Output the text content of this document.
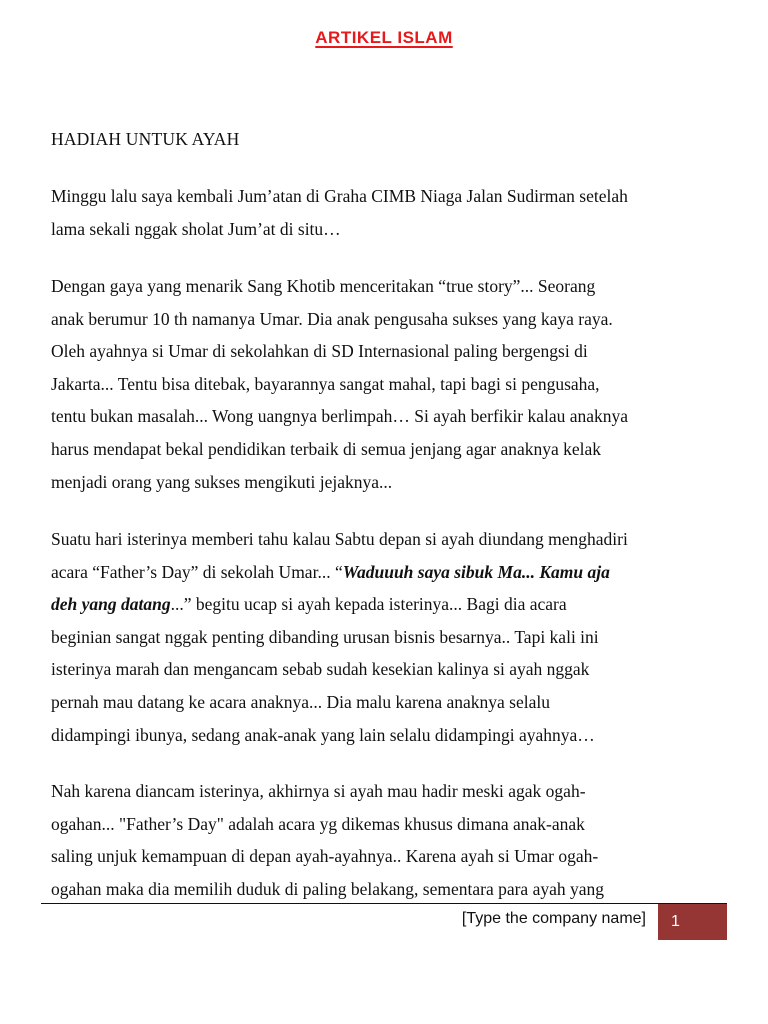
ARTIKEL ISLAM
HADIAH UNTUK AYAH

Minggu lalu saya kembali Jum’atan di Graha CIMB Niaga Jalan Sudirman setelah
lama sekali nggak sholat Jum’at di situ…

Dengan gaya yang menarik Sang Khotib menceritakan “true story”... Seorang
anak berumur 10 th namanya Umar. Dia anak pengusaha sukses yang kaya raya.
Oleh ayahnya si Umar di sekolahkan di SD Internasional paling bergengsi di
Jakarta... Tentu bisa ditebak, bayarannya sangat mahal, tapi bagi si pengusaha,
tentu bukan masalah... Wong uangnya berlimpah… Si ayah berfikir kalau anaknya
harus mendapat bekal pendidikan terbaik di semua jenjang agar anaknya kelak
menjadi orang yang sukses mengikuti jejaknya...

Suatu hari isterinya memberi tahu kalau Sabtu depan si ayah diundang menghadiri
acara “Father’s Day” di sekolah Umar... “Waduuuh saya sibuk Ma... Kamu aja
deh yang datang...” begitu ucap si ayah kepada isterinya... Bagi dia acara
beginian sangat nggak penting dibanding urusan bisnis besarnya.. Tapi kali ini
isterinya marah dan mengancam sebab sudah kesekian kalinya si ayah nggak
pernah mau datang ke acara anaknya... Dia malu karena anaknya selalu
didampingi ibunya, sedang anak-anak yang lain selalu didampingi ayahnya…

Nah karena diancam isterinya, akhirnya si ayah mau hadir meski agak ogah-
ogahan... "Father’s Day" adalah acara yg dikemas khusus dimana anak-anak
saling unjuk kemampuan di depan ayah-ayahnya.. Karena ayah si Umar ogah-
ogahan maka dia memilih duduk di paling belakang, sementara para ayah yang

[Type the company name]	1
